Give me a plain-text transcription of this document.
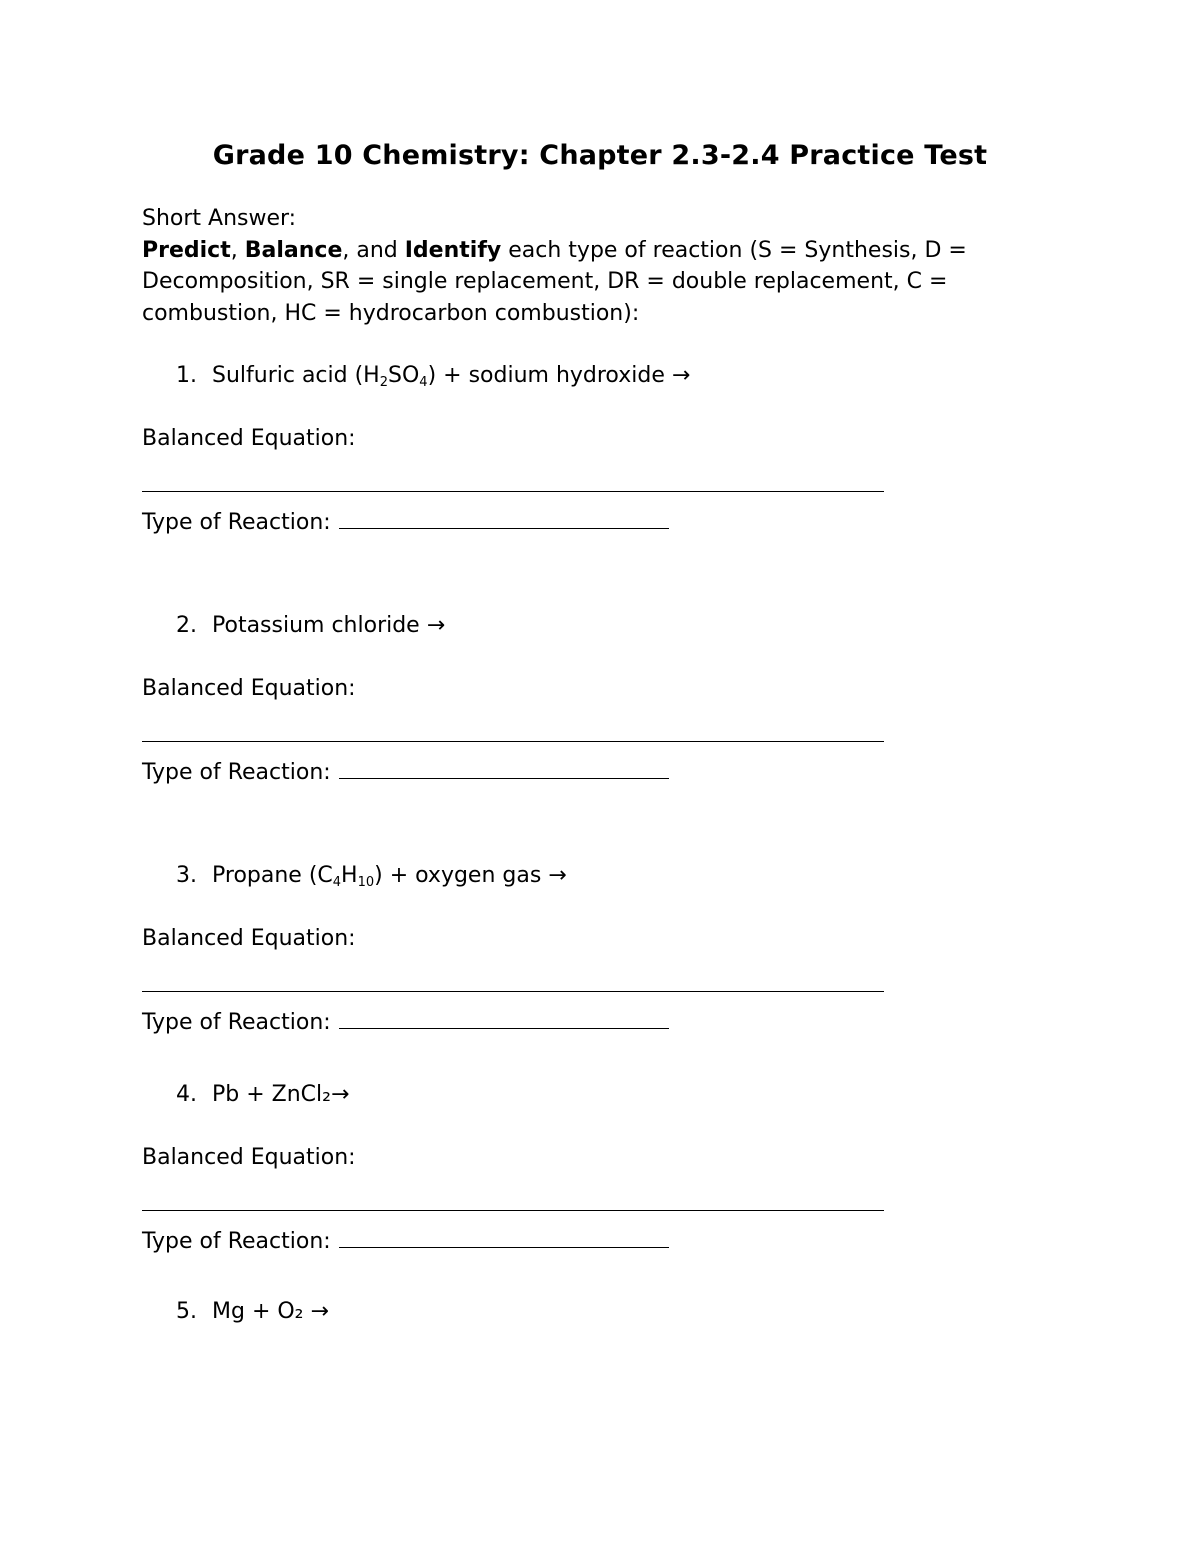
Grade 10 Chemistry: Chapter 2.3-2.4 Practice Test
Short Answer:
Predict, Balance, and Identify each type of reaction (S = Synthesis, D = Decomposition, SR = single replacement, DR = double replacement, C = combustion, HC = hydrocarbon combustion):
1. Sulfuric acid $(H_2SO_4)$ + sodium hydroxide →
Balanced Equation:
Type of Reaction:
2. Potassium chloride →
Balanced Equation:
Type of Reaction:
3. Propane $(C_4H_{10})$ + oxygen gas →
Balanced Equation:
Type of Reaction:
4. Pb + ZnCl₂→
Balanced Equation:
Type of Reaction:
5. Mg + O₂ →
